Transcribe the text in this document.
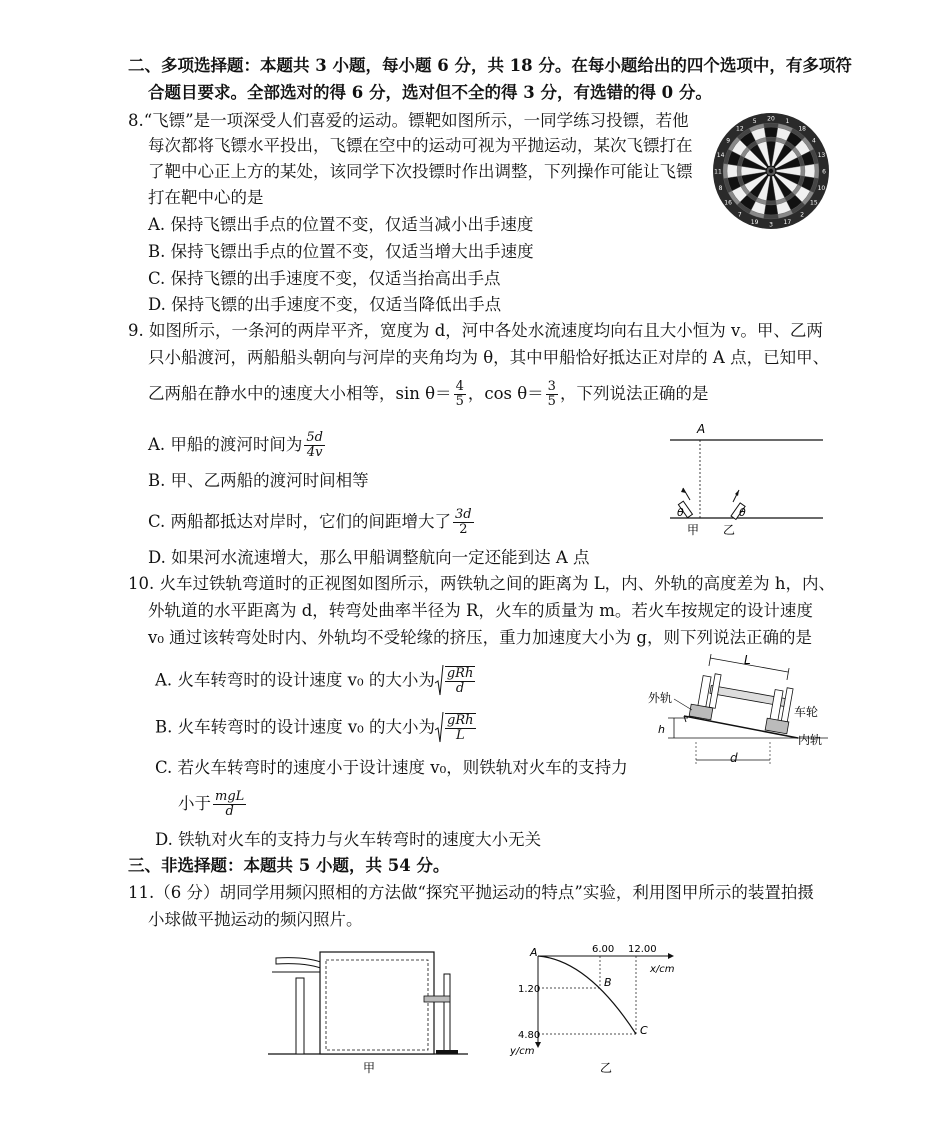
二、多项选择题：本题共 3 小题，每小题 6 分，共 18 分。在每小题给出的四个选项中，有多项符
合题目要求。全部选对的得 6 分，选对但不全的得 3 分，有选错的得 0 分。
8.“飞镖”是一项深受人们喜爱的运动。镖靶如图所示，一同学练习投镖，若他
每次都将飞镖水平投出，飞镖在空中的运动可视为平抛运动，某次飞镖打在
了靶中心正上方的某处，该同学下次投镖时作出调整，下列操作可能让飞镖
打在靶中心的是
A. 保持飞镖出手点的位置不变，仅适当减小出手速度
B. 保持飞镖出手点的位置不变，仅适当增大出手速度
C. 保持飞镖的出手速度不变，仅适当抬高出手点
D. 保持飞镖的出手速度不变，仅适当降低出手点
20 1
18
4
13
6
10
15
2
17
3
19
7
16
8
11
14
9
12
5
9. 如图所示，一条河的两岸平齐，宽度为 d，河中各处水流速度均向右且大小恒为 v。甲、乙两
只小船渡河，两船船头朝向与河岸的夹角均为 θ，其中甲船恰好抵达正对岸的 A 点，已知甲、
乙两船在静水中的速度大小相等，$\sin \theta= \frac{4}{5}$ ，$\cos \theta= \frac{3}{5}$ ，下列说法正确的是
A. 甲船的渡河时间为 $\frac{5d}{4v}$
B. 甲、乙两船的渡河时间相等
C. 两船都抵达对岸时，它们的间距增大了 $\frac{3d}{2}$
D. 如果河水流速增大，那么甲船调整航向一定还能到达 A 点
A
θ	θ
甲 乙
10. 火车过铁轨弯道时的正视图如图所示，两铁轨之间的距离为 L，内、外轨的高度差为 h，内、
外轨道的水平距离为 d，转弯处曲率半径为 R，火车的质量为 m。若火车按规定的设计速度
v₀ 通过该转弯处时内、外轨均不受轮缘的挤压，重力加速度大小为 g，则下列说法正确的是
A. 火车转弯时的设计速度 v₀ 的大小为 $\frac{\text{gRh}}{d}$
B. 火车转弯时的设计速度 v₀ 的大小为 $\frac{\text{gRh}}{L}$
C. 若火车转弯时的速度小于设计速度 v₀，则铁轨对火车的支持力
小于 $\frac{\text{mgL}}{d}$
D. 铁轨对火车的支持力与火车转弯时的速度大小无关
L
h
d
外轨
车轮
内轨
三、非选择题：本题共 5 小题，共 54 分。
11.（6 分）胡同学用频闪照相的方法做“探究平抛运动的特点”实验，利用图甲所示的装置拍摄
小球做平抛运动的频闪照片。
甲
A	6.00 12.00
x/cm
1.20
4.80
y/cm
B
C
乙
